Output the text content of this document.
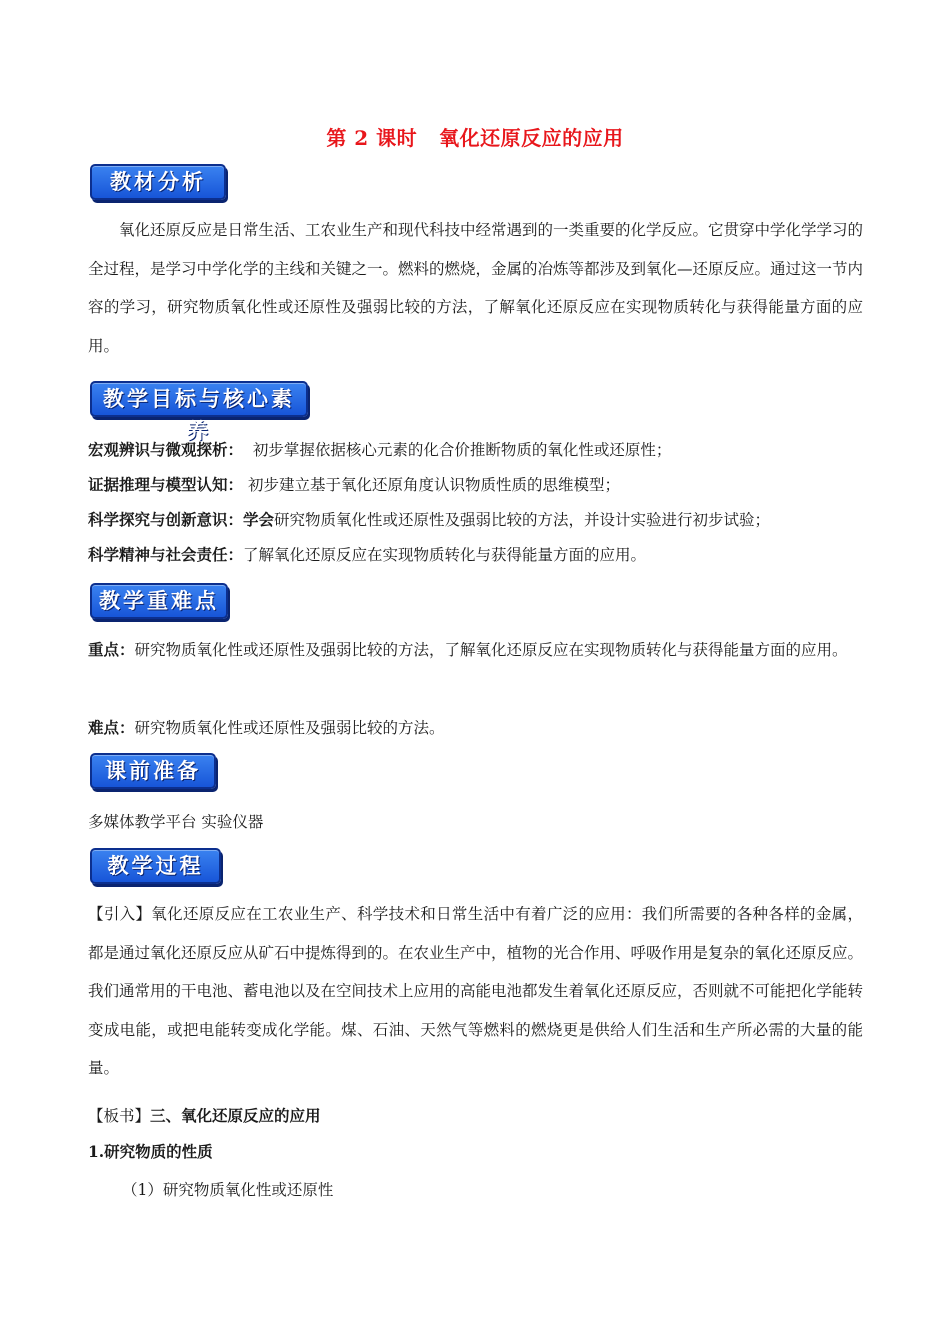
第 2 课时 氧化还原反应的应用
教材分析
氧化还原反应是日常生活、工农业生产和现代科技中经常遇到的一类重要的化学反应。它贯穿中学化学学习的全过程，是学习中学化学的主线和关键之一。燃料的燃烧，金属的冶炼等都涉及到氧化—还原反应。通过这一节内容的学习，研究物质氧化性或还原性及强弱比较的方法，了解氧化还原反应在实现物质转化与获得能量方面的应用。
教学目标与核心素养
宏观辨识与微观探析： 初步掌握依据核心元素的化合价推断物质的氧化性或还原性；
证据推理与模型认知： 初步建立基于氧化还原角度认识物质性质的思维模型；
科学探究与创新意识：学会研究物质氧化性或还原性及强弱比较的方法，并设计实验进行初步试验；
科学精神与社会责任：了解氧化还原反应在实现物质转化与获得能量方面的应用。
教学重难点
重点：研究物质氧化性或还原性及强弱比较的方法，了解氧化还原反应在实现物质转化与获得能量方面的应用。
难点：研究物质氧化性或还原性及强弱比较的方法。
课前准备
多媒体教学平台 实验仪器
教学过程
【引入】氧化还原反应在工农业生产、科学技术和日常生活中有着广泛的应用：我们所需要的各种各样的金属，都是通过氧化还原反应从矿石中提炼得到的。在农业生产中，植物的光合作用、呼吸作用是复杂的氧化还原反应。我们通常用的干电池、蓄电池以及在空间技术上应用的高能电池都发生着氧化还原反应，否则就不可能把化学能转变成电能，或把电能转变成化学能。煤、石油、天然气等燃料的燃烧更是供给人们生活和生产所必需的大量的能量。
【板书】三、氧化还原反应的应用
1.研究物质的性质
（1）研究物质氧化性或还原性
